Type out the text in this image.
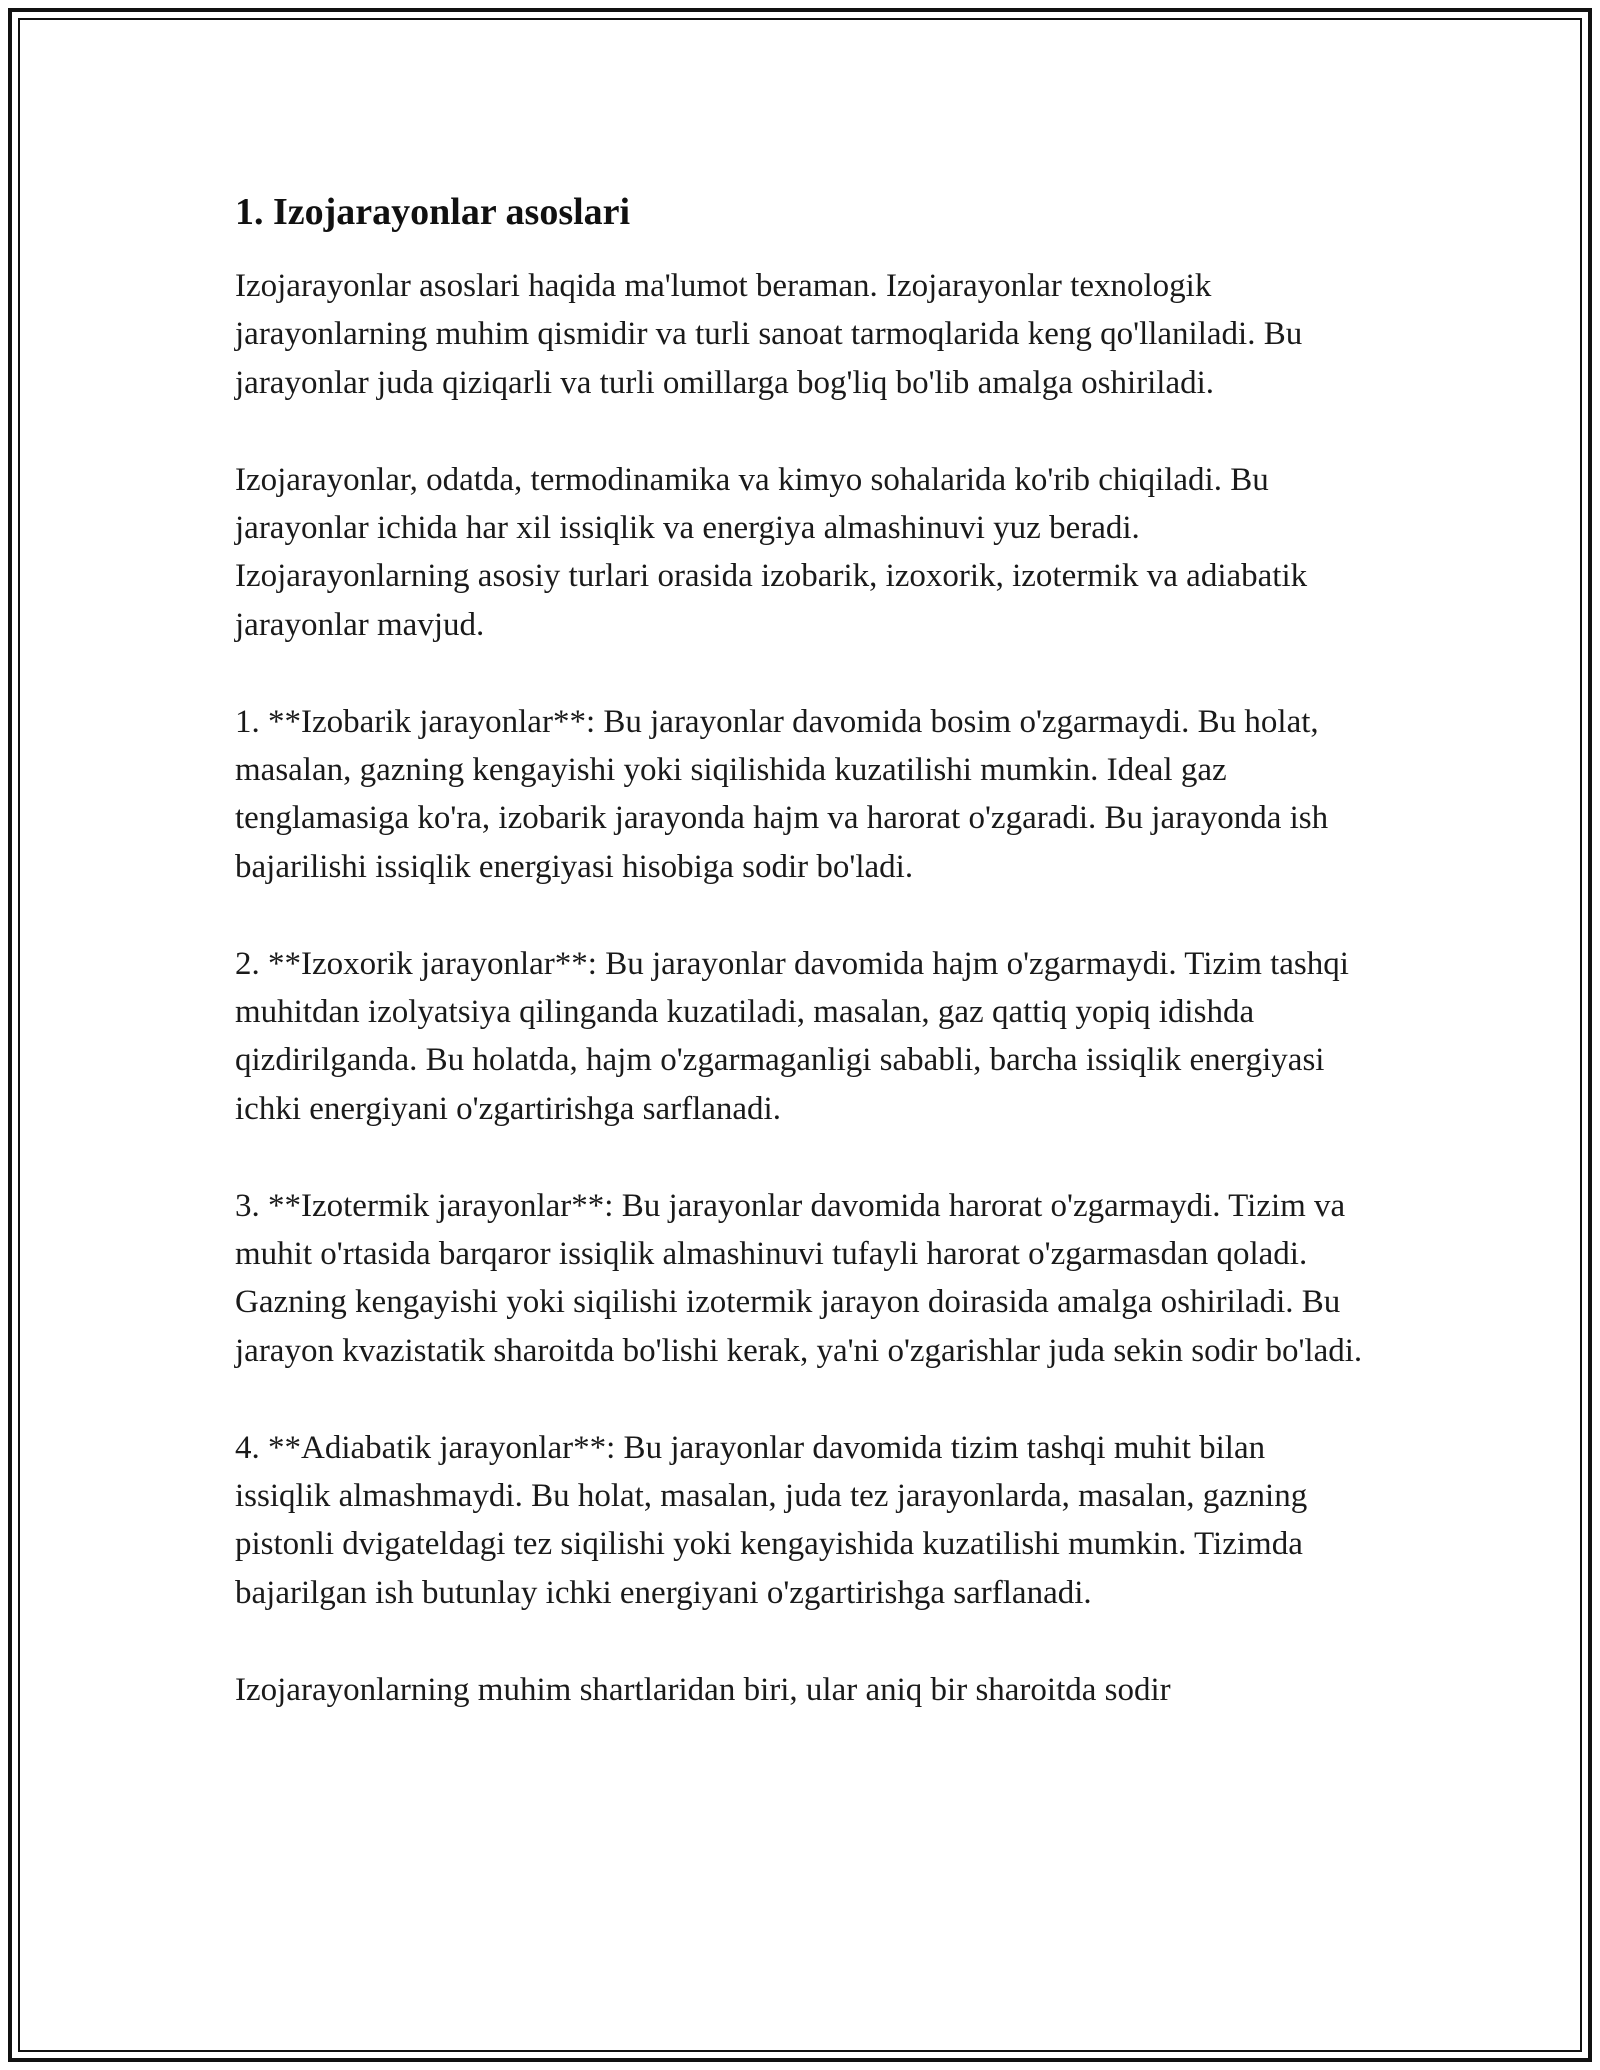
1. Izojarayonlar asoslari

Izojarayonlar asoslari haqida ma'lumot beraman. Izojarayonlar texnologik jarayonlarning muhim qismidir va turli sanoat tarmoqlarida keng qo'llaniladi. Bu jarayonlar juda qiziqarli va turli omillarga bog'liq bo'lib amalga oshiriladi.

Izojarayonlar, odatda, termodinamika va kimyo sohalarida ko'rib chiqiladi. Bu jarayonlar ichida har xil issiqlik va energiya almashinuvi yuz beradi. Izojarayonlarning asosiy turlari orasida izobarik, izoxorik, izotermik va adiabatik jarayonlar mavjud.

1. **Izobarik jarayonlar**: Bu jarayonlar davomida bosim o'zgarmaydi. Bu holat, masalan, gazning kengayishi yoki siqilishida kuzatilishi mumkin. Ideal gaz tenglamasiga ko'ra, izobarik jarayonda hajm va harorat o'zgaradi. Bu jarayonda ish bajarilishi issiqlik energiyasi hisobiga sodir bo'ladi.

2. **Izoxorik jarayonlar**: Bu jarayonlar davomida hajm o'zgarmaydi. Tizim tashqi muhitdan izolyatsiya qilinganda kuzatiladi, masalan, gaz qattiq yopiq idishda qizdirilganda. Bu holatda, hajm o'zgarmaganligi sababli, barcha issiqlik energiyasi ichki energiyani o'zgartirishga sarflanadi.

3. **Izotermik jarayonlar**: Bu jarayonlar davomida harorat o'zgarmaydi. Tizim va muhit o'rtasida barqaror issiqlik almashinuvi tufayli harorat o'zgarmasdan qoladi. Gazning kengayishi yoki siqilishi izotermik jarayon doirasida amalga oshiriladi. Bu jarayon kvazistatik sharoitda bo'lishi kerak, ya'ni o'zgarishlar juda sekin sodir bo'ladi.

4. **Adiabatik jarayonlar**: Bu jarayonlar davomida tizim tashqi muhit bilan issiqlik almashmaydi. Bu holat, masalan, juda tez jarayonlarda, masalan, gazning pistonli dvigateldagi tez siqilishi yoki kengayishida kuzatilishi mumkin. Tizimda bajarilgan ish butunlay ichki energiyani o'zgartirishga sarflanadi.

Izojarayonlarning muhim shartlaridan biri, ular aniq bir sharoitda sodir
